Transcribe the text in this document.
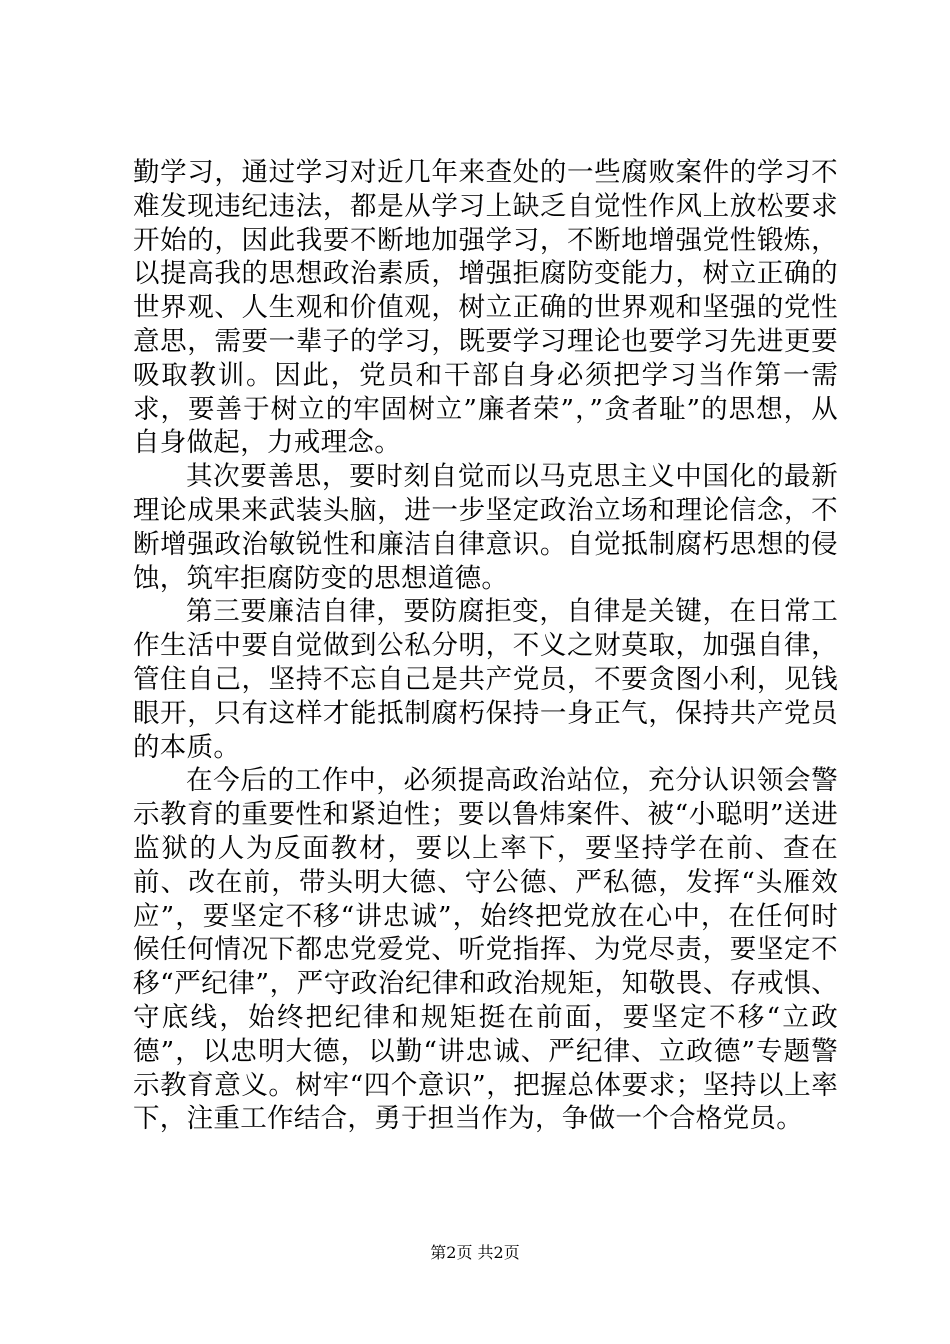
勤学习，通过学习对近几年来查处的一些腐败案件的学习不难发现违纪违法，都是从学习上缺乏自觉性作风上放松要求开始的，因此我要不断地加强学习，不断地增强党性锻炼，以提高我的思想政治素质，增强拒腐防变能力，树立正确的世界观、人生观和价值观，树立正确的世界观和坚强的党性意思，需要一辈子的学习，既要学习理论也要学习先进更要吸取教训。因此，党员和干部自身必须把学习当作第一需求，要善于树立的牢固树立”廉者荣”，”贪者耻”的思想，从自身做起，力戒理念。

其次要善思，要时刻自觉而以马克思主义中国化的最新理论成果来武装头脑，进一步坚定政治立场和理论信念，不断增强政治敏锐性和廉洁自律意识。自觉抵制腐朽思想的侵蚀，筑牢拒腐防变的思想道德。

第三要廉洁自律，要防腐拒变，自律是关键，在日常工作生活中要自觉做到公私分明，不义之财莫取，加强自律，管住自己，坚持不忘自己是共产党员，不要贪图小利，见钱眼开，只有这样才能抵制腐朽保持一身正气，保持共产党员的本质。

在今后的工作中，必须提高政治站位，充分认识领会警示教育的重要性和紧迫性；要以鲁炜案件、被“小聪明”送进监狱的人为反面教材，要以上率下，要坚持学在前、查在前、改在前，带头明大德、守公德、严私德，发挥“头雁效应”，要坚定不移“讲忠诚”，始终把党放在心中，在任何时候任何情况下都忠党爱党、听党指挥、为党尽责，要坚定不移“严纪律”，严守政治纪律和政治规矩，知敬畏、存戒惧、守底线，始终把纪律和规矩挺在前面，要坚定不移“立政德”，以忠明大德，以勤“讲忠诚、严纪律、立政德”专题警示教育意义。树牢“四个意识”，把握总体要求；坚持以上率下，注重工作结合，勇于担当作为，争做一个合格党员。

第2页 共2页
